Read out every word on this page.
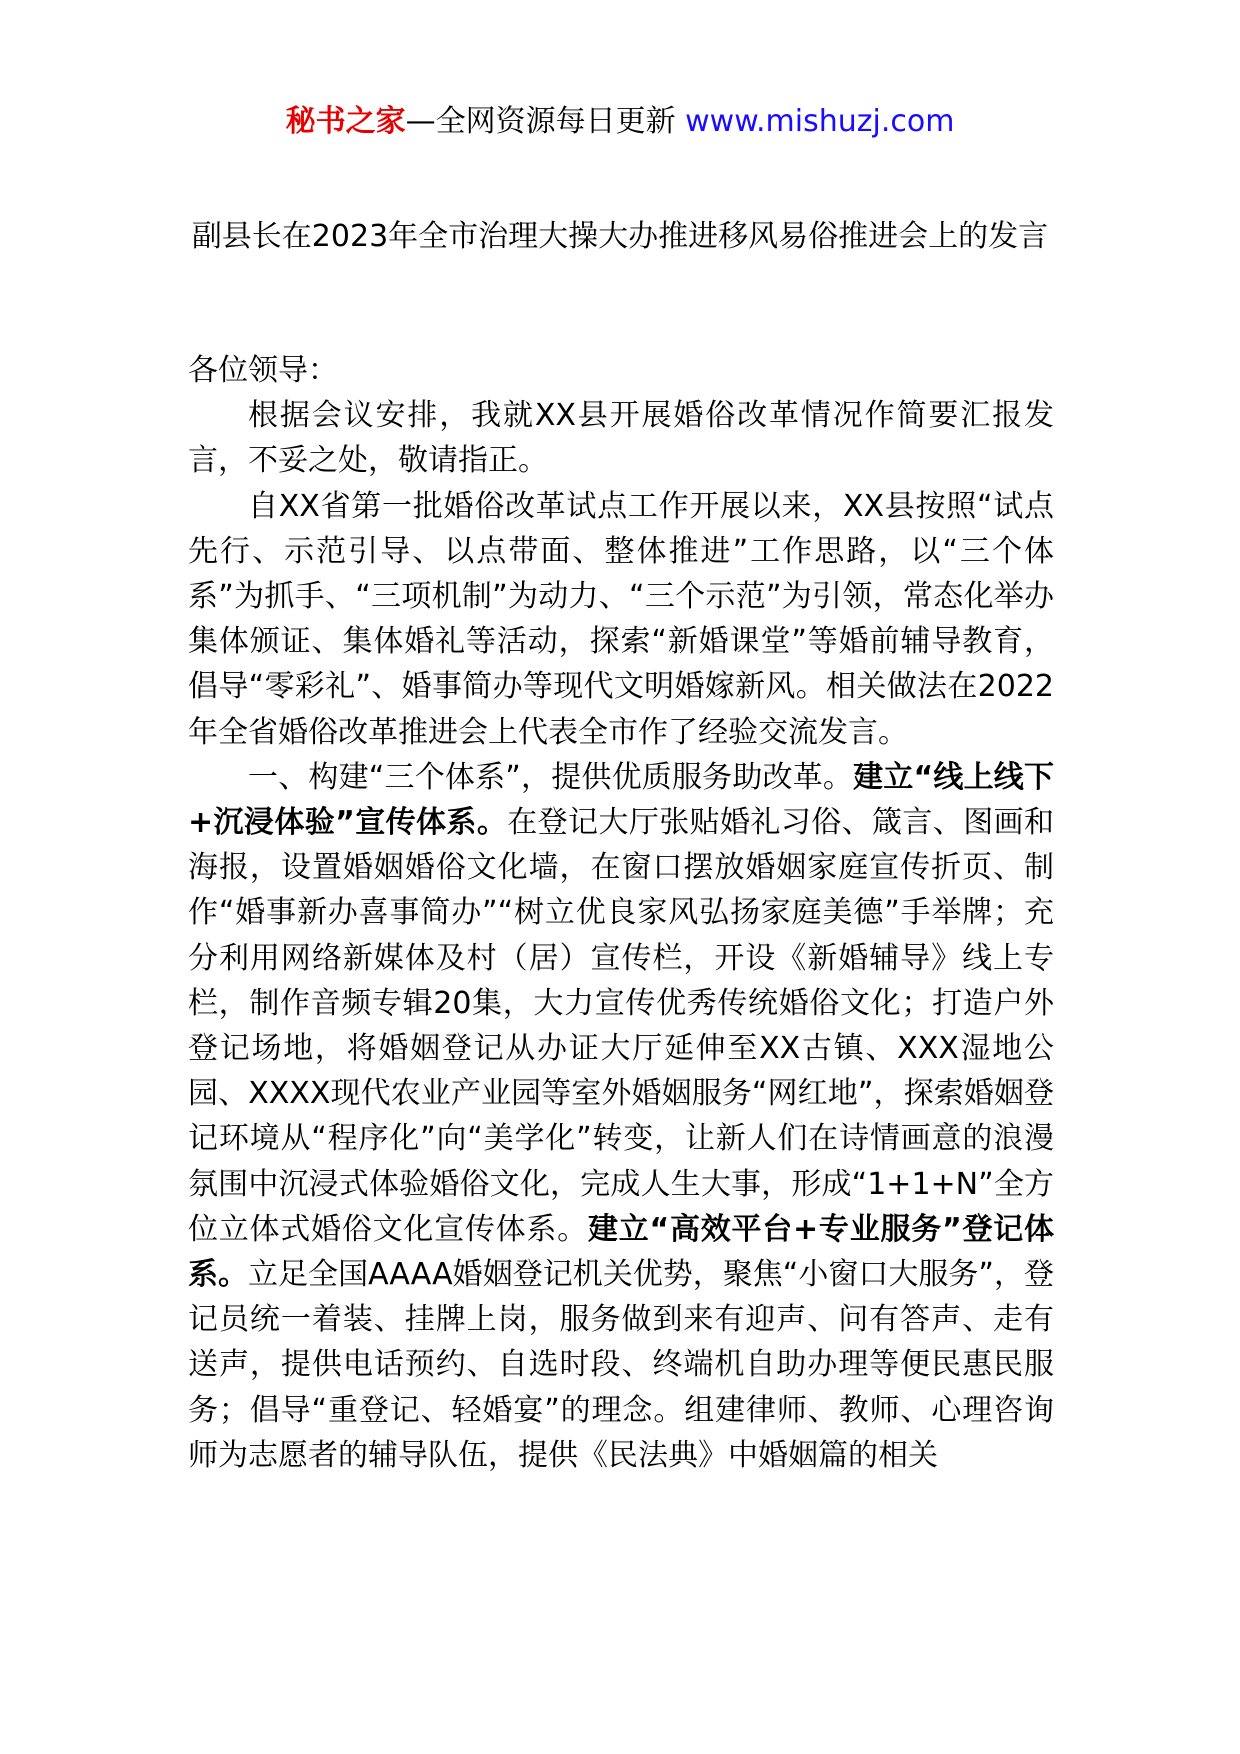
秘书之家—全网资源每日更新 www.mishuzj.com
副县长在2023年全市治理大操大办推进移风易俗推进会上的发言

各位领导：

根据会议安排，我就XX县开展婚俗改革情况作简要汇报发言，不妥之处，敬请指正。

自XX省第一批婚俗改革试点工作开展以来，XX县按照“试点先行、示范引导、以点带面、整体推进”工作思路，以“三个体系”为抓手、“三项机制”为动力、“三个示范”为引领，常态化举办集体颁证、集体婚礼等活动，探索“新婚课堂”等婚前辅导教育，倡导“零彩礼”、婚事简办等现代文明婚嫁新风。相关做法在2022年全省婚俗改革推进会上代表全市作了经验交流发言。

一、构建“三个体系”，提供优质服务助改革。建立“线上线下+沉浸体验”宣传体系。在登记大厅张贴婚礼习俗、箴言、图画和海报，设置婚姻婚俗文化墙，在窗口摆放婚姻家庭宣传折页、制作“婚事新办喜事简办”“树立优良家风弘扬家庭美德”手举牌；充分利用网络新媒体及村（居）宣传栏，开设《新婚辅导》线上专栏，制作音频专辑20集，大力宣传优秀传统婚俗文化；打造户外登记场地，将婚姻登记从办证大厅延伸至XX古镇、XXX湿地公园、XXXX现代农业产业园等室外婚姻服务“网红地”，探索婚姻登记环境从“程序化”向“美学化”转变，让新人们在诗情画意的浪漫氛围中沉浸式体验婚俗文化，完成人生大事，形成“1+1+N”全方位立体式婚俗文化宣传体系。建立“高效平台+专业服务”登记体系。立足全国AAAA婚姻登记机关优势，聚焦“小窗口大服务”，登记员统一着装、挂牌上岗，服务做到来有迎声、问有答声、走有送声，提供电话预约、自选时段、终端机自助办理等便民惠民服务；倡导“重登记、轻婚宴”的理念。组建律师、教师、心理咨询师为志愿者的辅导队伍，提供《民法典》中婚姻篇的相关
